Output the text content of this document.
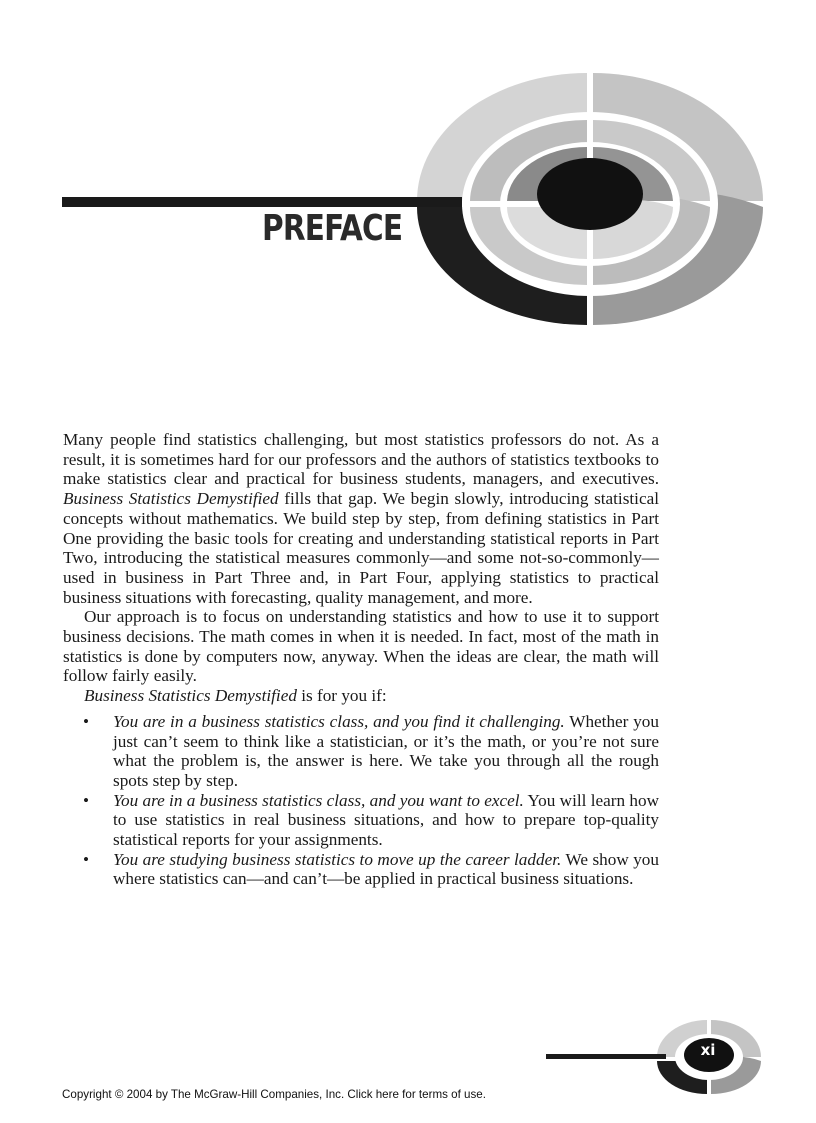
PREFACE

Many people find statistics challenging, but most statistics professors do not. As a result, it is sometimes hard for our professors and the authors of statistics textbooks to make statistics clear and practical for business students, managers, and executives. Business Statistics Demystified fills that gap. We begin slowly, introducing statistical concepts without mathematics. We build step by step, from defining statistics in Part One providing the basic tools for creating and understanding statistical reports in Part Two, introducing the statistical measures commonly—and some not-so-commonly—used in business in Part Three and, in Part Four, applying statistics to practical business situations with forecasting, quality management, and more.

Our approach is to focus on understanding statistics and how to use it to support business decisions. The math comes in when it is needed. In fact, most of the math in statistics is done by computers now, anyway. When the ideas are clear, the math will follow fairly easily.

Business Statistics Demystified is for you if:

• You are in a business statistics class, and you find it challenging. Whether you just can’t seem to think like a statistician, or it’s the math, or you’re not sure what the problem is, the answer is here. We take you through all the rough spots step by step.
• You are in a business statistics class, and you want to excel. You will learn how to use statistics in real business situations, and how to prepare top-quality statistical reports for your assignments.
• You are studying business statistics to move up the career ladder. We show you where statistics can—and can’t—be applied in practical business situations.
xi

Copyright © 2004 by The McGraw-Hill Companies, Inc. Click here for terms of use.
